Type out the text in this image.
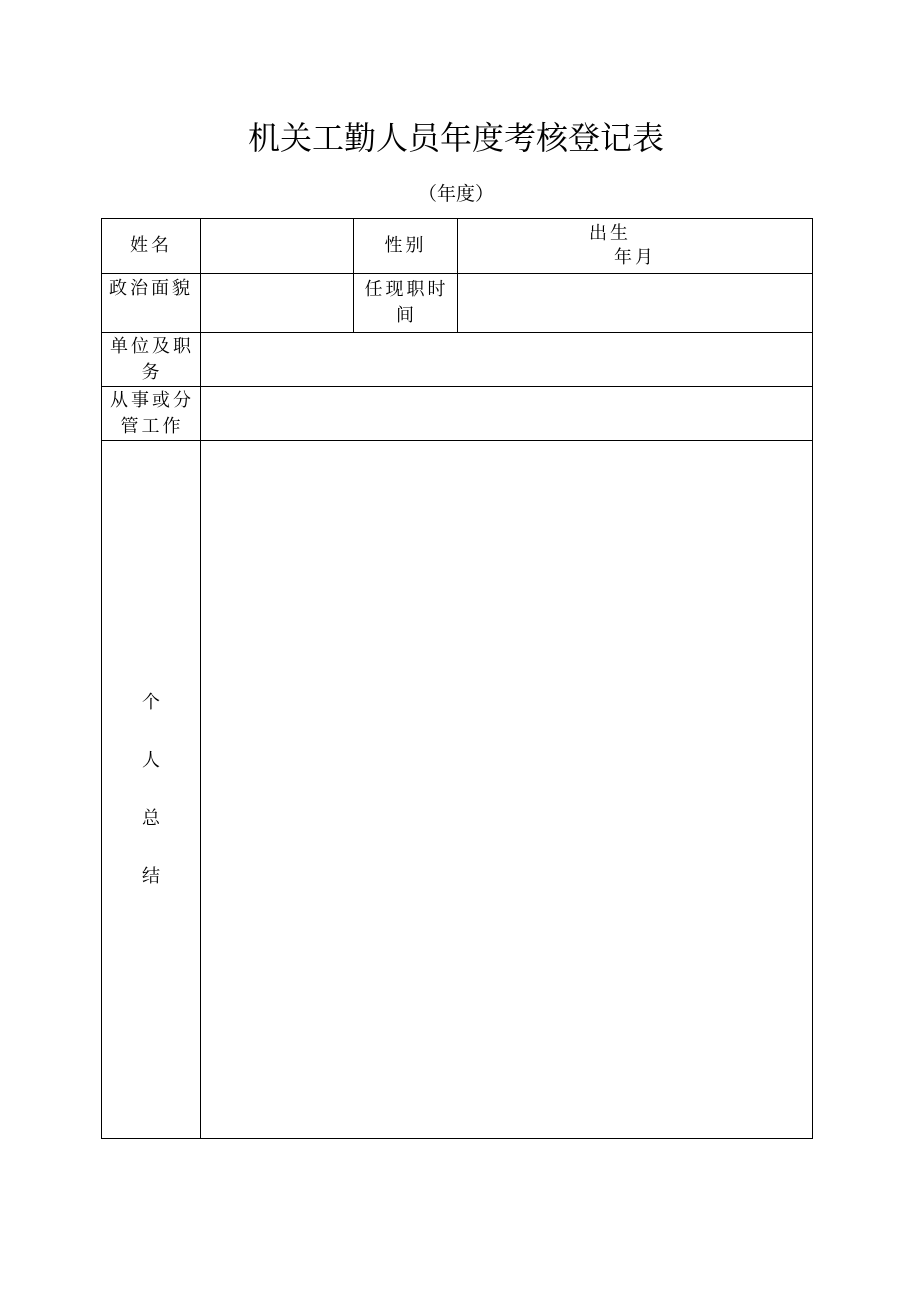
机关工勤人员年度考核登记表
（年度）
姓名		性别	出生
年月

政治面貌		任现职时间	
单位及职务			
从事或分管工作			

个
人
总
结			
